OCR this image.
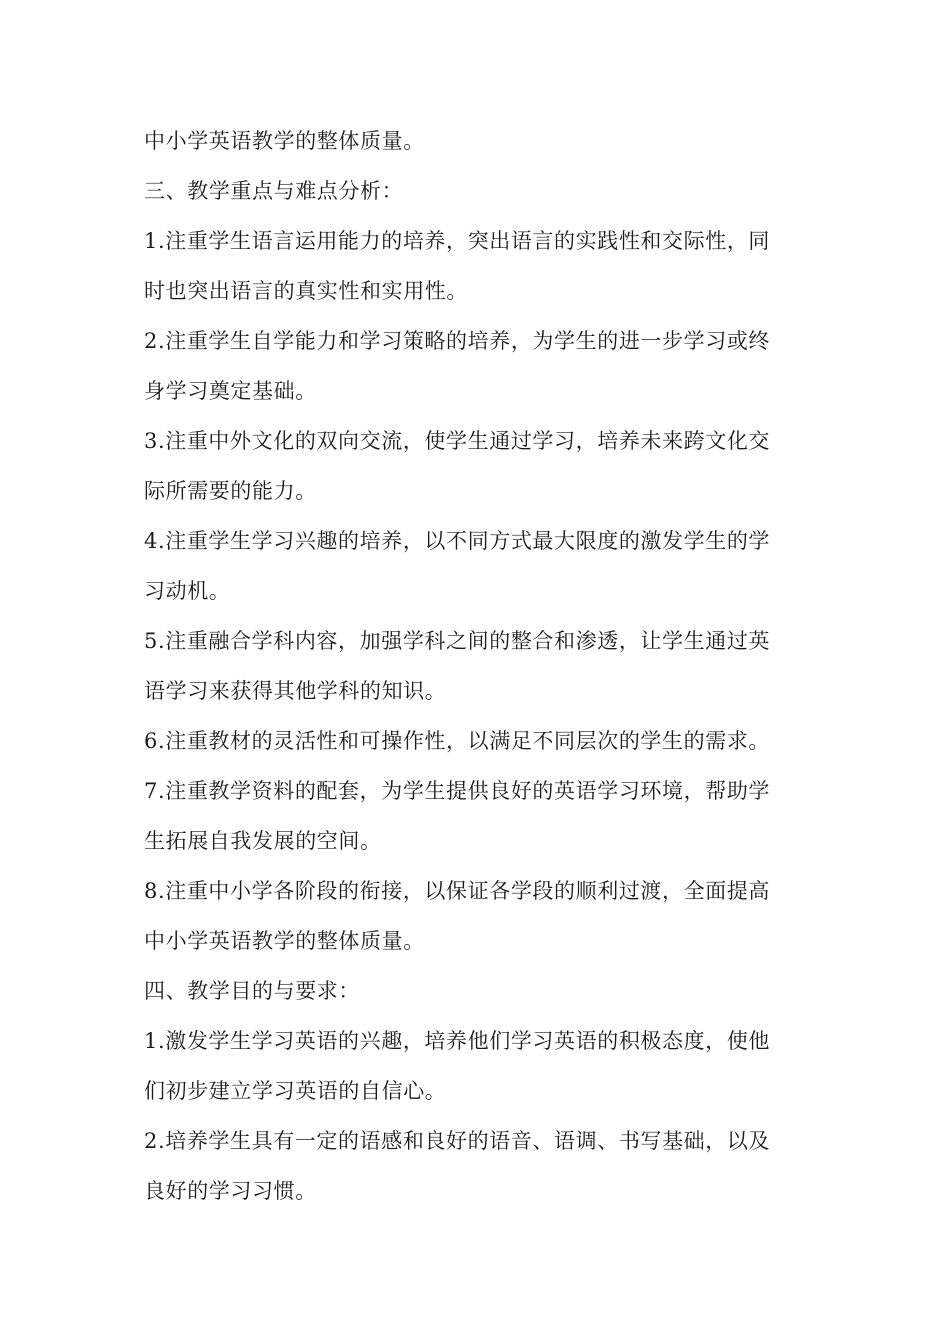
中小学英语教学的整体质量。
三、教学重点与难点分析：
1.注重学生语言运用能力的培养，突出语言的实践性和交际性，同
时也突出语言的真实性和实用性。
2.注重学生自学能力和学习策略的培养，为学生的进一步学习或终
身学习奠定基础。
3.注重中外文化的双向交流，使学生通过学习，培养未来跨文化交
际所需要的能力。
4.注重学生学习兴趣的培养，以不同方式最大限度的激发学生的学
习动机。
5.注重融合学科内容，加强学科之间的整合和渗透，让学生通过英
语学习来获得其他学科的知识。
6.注重教材的灵活性和可操作性，以满足不同层次的学生的需求。
7.注重教学资料的配套，为学生提供良好的英语学习环境，帮助学
生拓展自我发展的空间。
8.注重中小学各阶段的衔接，以保证各学段的顺利过渡，全面提高
中小学英语教学的整体质量。
四、教学目的与要求：
1.激发学生学习英语的兴趣，培养他们学习英语的积极态度，使他
们初步建立学习英语的自信心。
2.培养学生具有一定的语感和良好的语音、语调、书写基础，以及
良好的学习习惯。
